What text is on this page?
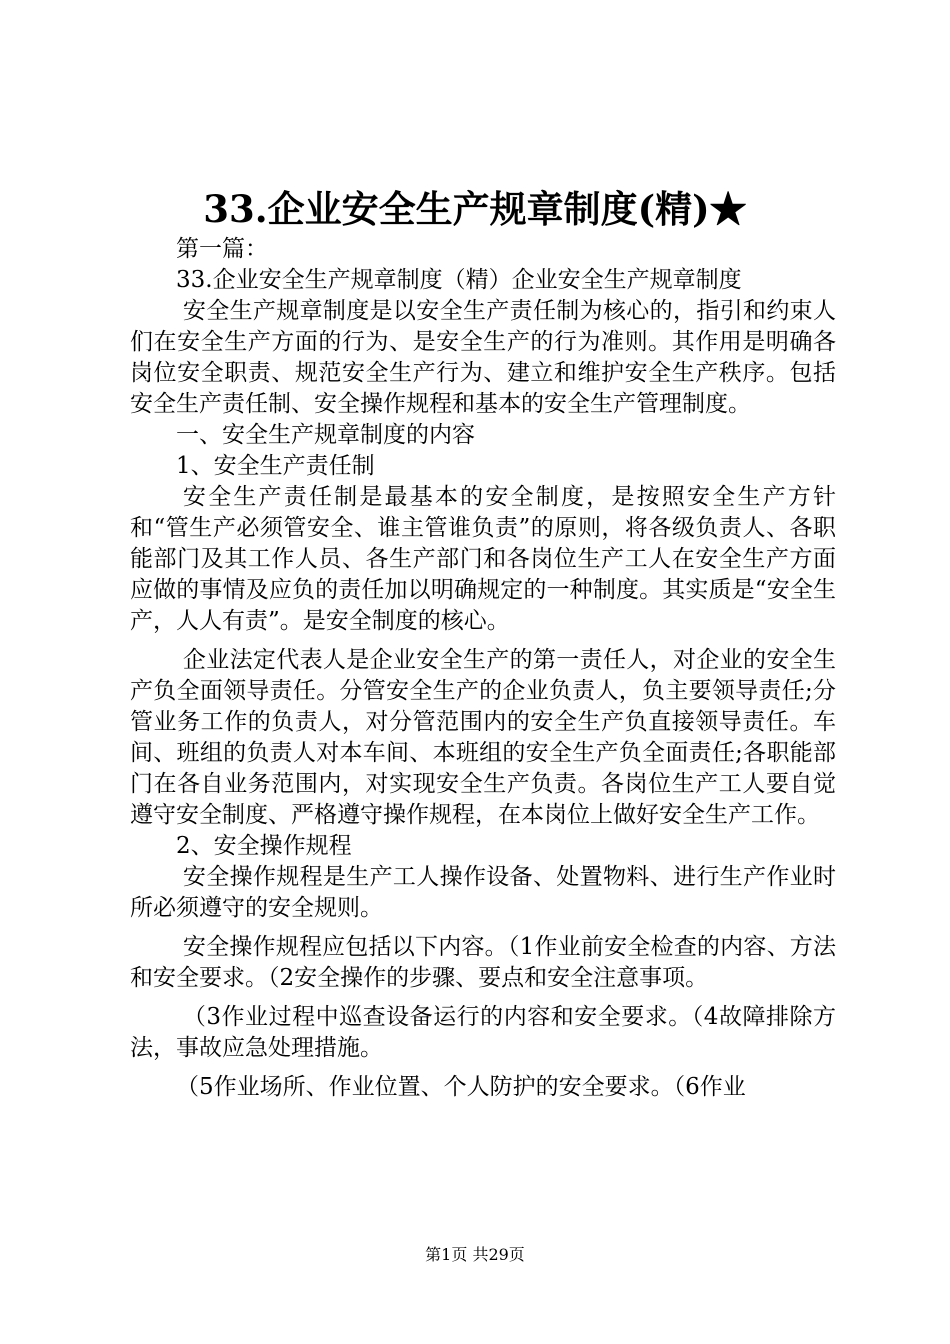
33.企业安全生产规章制度(精)★

第一篇：

33.企业安全生产规章制度（精）企业安全生产规章制度

安全生产规章制度是以安全生产责任制为核心的，指引和约束人们在安全生产方面的行为、是安全生产的行为准则。其作用是明确各岗位安全职责、规范安全生产行为、建立和维护安全生产秩序。包括安全生产责任制、安全操作规程和基本的安全生产管理制度。

一、安全生产规章制度的内容

1、安全生产责任制

安全生产责任制是最基本的安全制度，是按照安全生产方针和“管生产必须管安全、谁主管谁负责”的原则，将各级负责人、各职能部门及其工作人员、各生产部门和各岗位生产工人在安全生产方面应做的事情及应负的责任加以明确规定的一种制度。其实质是“安全生产，人人有责”。是安全制度的核心。

企业法定代表人是企业安全生产的第一责任人，对企业的安全生产负全面领导责任。分管安全生产的企业负责人，负主要领导责任;分管业务工作的负责人，对分管范围内的安全生产负直接领导责任。车间、班组的负责人对本车间、本班组的安全生产负全面责任;各职能部门在各自业务范围内，对实现安全生产负责。各岗位生产工人要自觉遵守安全制度、严格遵守操作规程，在本岗位上做好安全生产工作。

2、安全操作规程

安全操作规程是生产工人操作设备、处置物料、进行生产作业时所必须遵守的安全规则。

安全操作规程应包括以下内容。（1作业前安全检查的内容、方法和安全要求。（2安全操作的步骤、要点和安全注意事项。

（3作业过程中巡查设备运行的内容和安全要求。（4故障排除方法，事故应急处理措施。

（5作业场所、作业位置、个人防护的安全要求。（6作业

第1页 共29页
